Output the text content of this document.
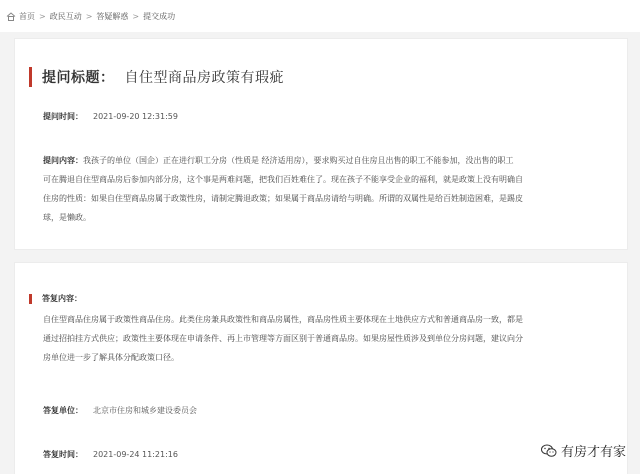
首页 > 政民互动 > 答疑解惑 > 提交成功
提问标题： 自住型商品房政策有瑕疵
提问时间： 2021-09-20 12:31:59
提问内容：我孩子的单位（国企）正在进行职工分房（性质是 经济适用房），要求购买过自住房且出售的职工不能参加，没出售的职工
可在腾退自住型商品房后参加内部分房，这个事是两难问题，把我们百姓难住了。现在孩子不能享受企业的福利，就是政策上没有明确自
住房的性质：如果自住型商品房属于政策性房，请制定腾退政策；如果属于商品房请给与明确。所谓的双属性是给百姓制造困难，是踢皮
球，是懒政。
答复内容：
自住型商品住房属于政策性商品住房。此类住房兼具政策性和商品房属性，商品房性质主要体现在土地供应方式和普通商品房一致，都是
通过招拍挂方式供应；政策性主要体现在申请条件、再上市管理等方面区别于普通商品房。如果房屋性质涉及到单位分房问题，建议向分
房单位进一步了解具体分配政策口径。
答复单位： 北京市住房和城乡建设委员会
答复时间： 2021-09-24 11:21:16	有房才有家
